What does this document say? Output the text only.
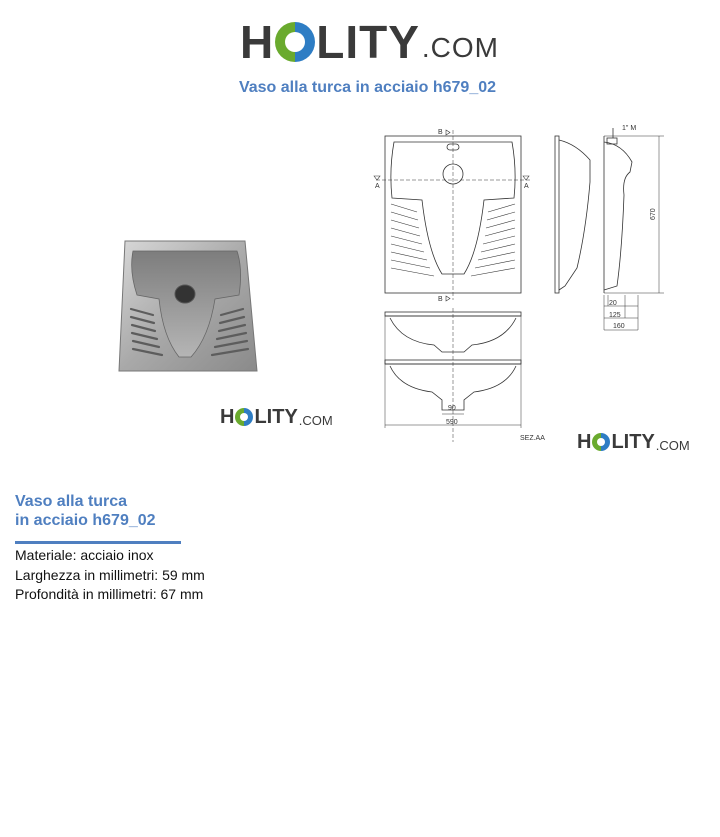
H LITY .COM
Vaso alla turca in acciaio h679_02
H LITY .COM
B
B
A	A
1" M
670
20
125
160
90
590
SEZ.AA H LITY .COM
Vaso alla turca
in acciaio h679_02
Materiale: acciaio inox
Larghezza in millimetri: 59 mm
Profondità in millimetri: 67 mm
